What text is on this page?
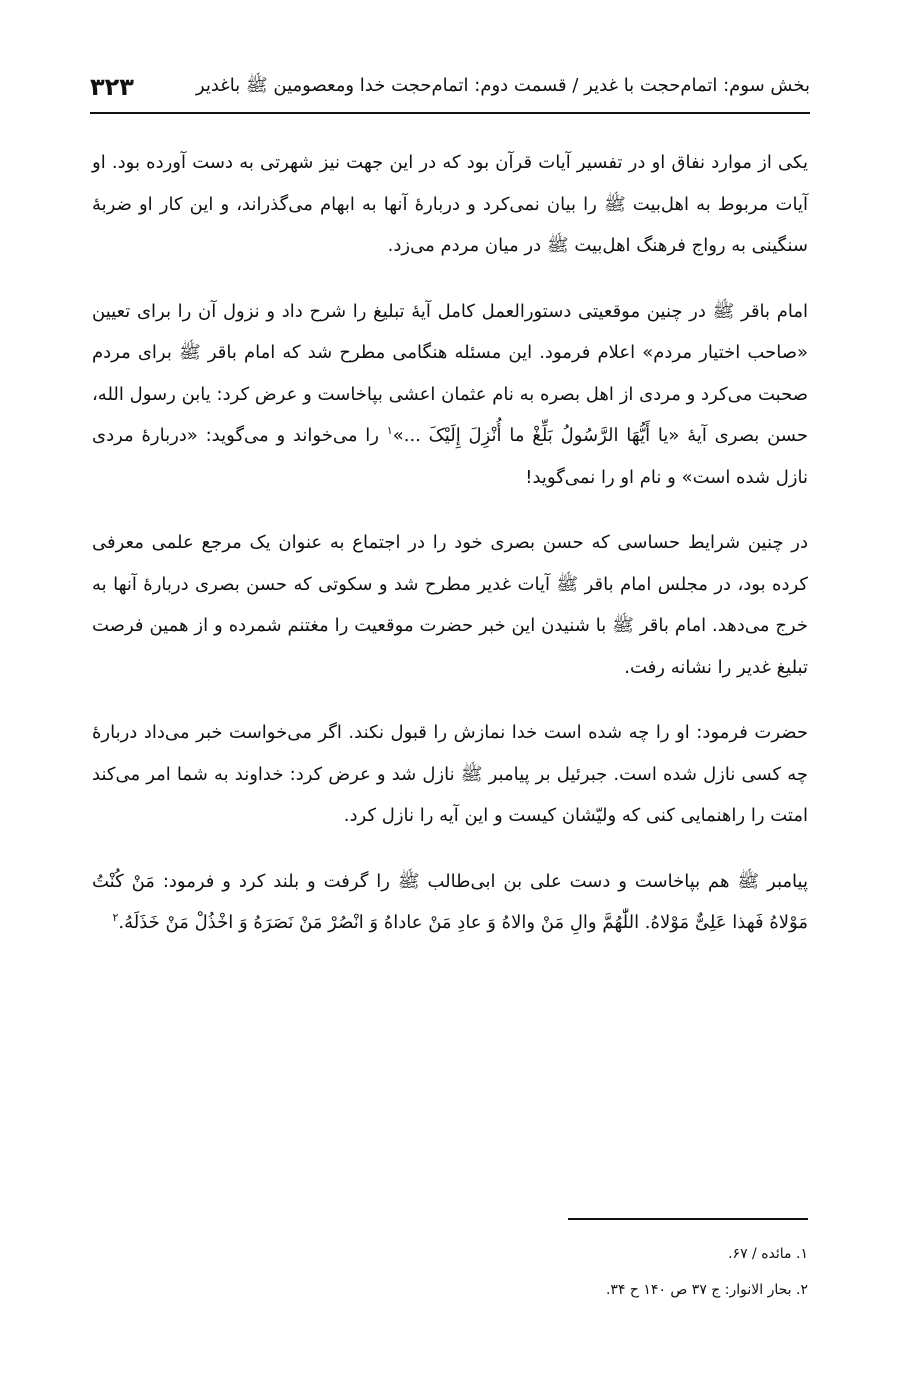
بخش سوم: اتمام‌حجت با غدیر / قسمت دوم: اتمام‌حجت خدا ومعصومین ﷺ باغدیر
۳۲۳

یکی از موارد نفاق او در تفسیر آیات قرآن بود که در این جهت نیز شهرتی به دست آورده بود. او آیات مربوط به اهل‌بیت ﷺ را بیان نمی‌کرد و دربارهٔ آنها به ابهام می‌گذراند، و این کار او ضربهٔ سنگینی به رواج فرهنگ اهل‌بیت ﷺ در میان مردم می‌زد.

امام باقر ﷺ در چنین موقعیتی دستورالعمل کامل آیهٔ تبلیغ را شرح داد و نزول آن را برای تعیین «صاحب اختیار مردم» اعلام فرمود. این مسئله هنگامی مطرح شد که امام باقر ﷺ برای مردم صحبت می‌کرد و مردی از اهل بصره به نام عثمان اعشی بپاخاست و عرض کرد: یابن رسول الله، حسن بصری آیهٔ «یا أَیُّهَا الرَّسُولُ بَلِّغْ ما أُنْزِلَ إِلَیْکَ ...»$^۱$ را می‌خواند و می‌گوید: «دربارهٔ مردی نازل شده است» و نام او را نمی‌گوید!

در چنین شرایط حساسی که حسن بصری خود را در اجتماع به عنوان یک مرجع علمی معرفی کرده بود، در مجلس امام باقر ﷺ آیات غدیر مطرح شد و سکوتی که حسن بصری دربارهٔ آنها به خرج می‌دهد. امام باقر ﷺ با شنیدن این خبر حضرت موقعیت را مغتنم شمرده و از همین فرصت تبلیغ غدیر را نشانه رفت.

حضرت فرمود: او را چه شده است خدا نمازش را قبول نکند. اگر می‌خواست خبر می‌داد دربارهٔ چه کسی نازل شده است. جبرئیل بر پیامبر ﷺ نازل شد و عرض کرد: خداوند به شما امر می‌کند امتت را راهنمایی کنی که ولیّشان کیست و این آیه را نازل کرد.

پیامبر ﷺ هم بپاخاست و دست علی بن ابی‌طالب ﷺ را گرفت و بلند کرد و فرمود: مَنْ کُنْتُ مَوْلاهُ فَهذا عَلِیٌّ مَوْلاهُ. اللّٰهُمَّ والِ مَنْ والاهُ وَ عادِ مَنْ عاداهُ وَ انْصُرْ مَنْ نَصَرَهُ وَ اخْذُلْ مَنْ خَذَلَهُ.$^۲$

۱. مائده / ۶۷.

۲. بحار الانوار: ج ۳۷ ص ۱۴۰ ح ۳۴.
